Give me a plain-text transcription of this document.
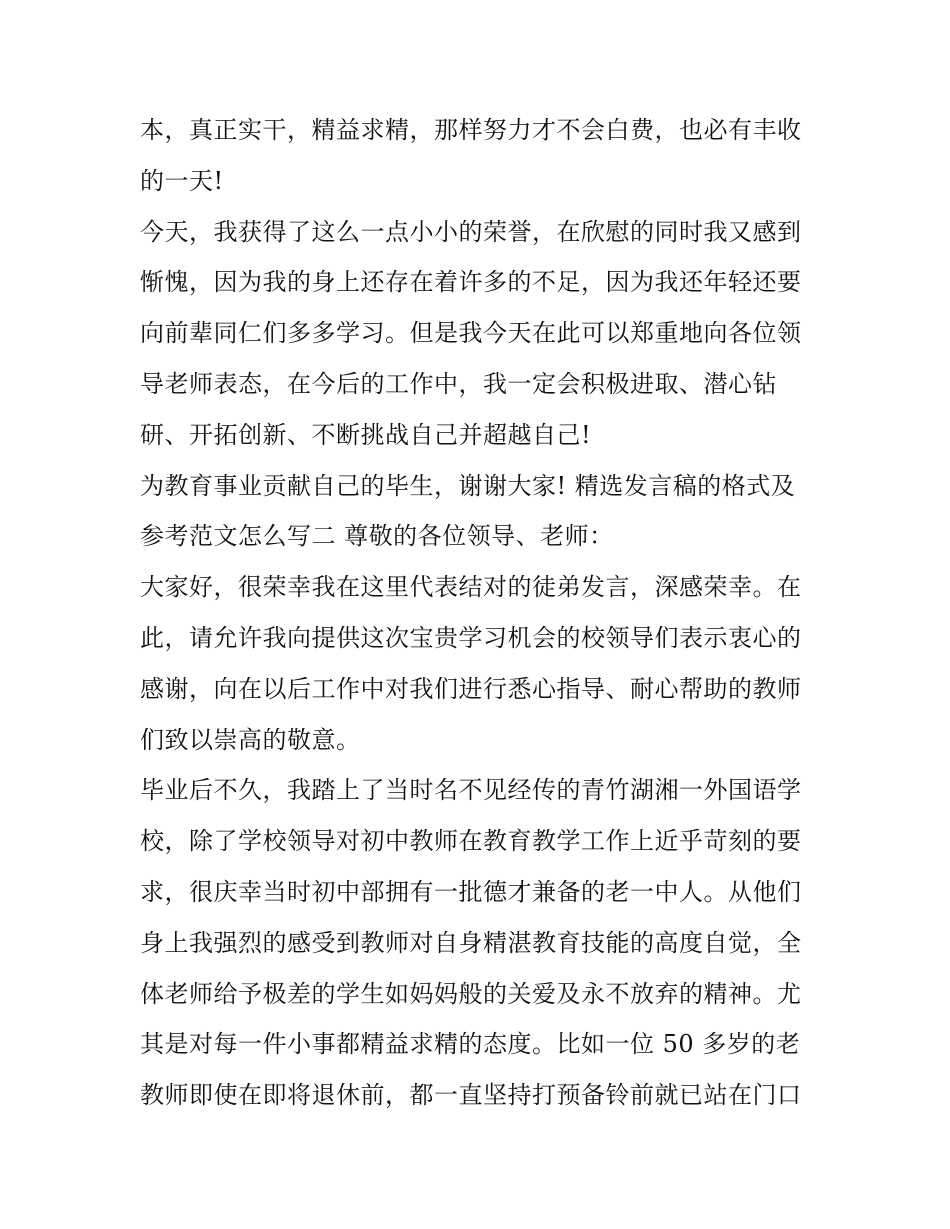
本，真正实干，精益求精，那样努力才不会白费，也必有丰收
的一天!
今天，我获得了这么一点小小的荣誉，在欣慰的同时我又感到
惭愧，因为我的身上还存在着许多的不足，因为我还年轻还要
向前辈同仁们多多学习。但是我今天在此可以郑重地向各位领
导老师表态，在今后的工作中，我一定会积极进取、潜心钻
研、开拓创新、不断挑战自己并超越自己!
为教育事业贡献自己的毕生，谢谢大家! 精选发言稿的格式及
参考范文怎么写二 尊敬的各位领导、老师：
大家好，很荣幸我在这里代表结对的徒弟发言，深感荣幸。在
此，请允许我向提供这次宝贵学习机会的校领导们表示衷心的
感谢，向在以后工作中对我们进行悉心指导、耐心帮助的教师
们致以崇高的敬意。
毕业后不久，我踏上了当时名不见经传的青竹湖湘一外国语学
校，除了学校领导对初中教师在教育教学工作上近乎苛刻的要
求，很庆幸当时初中部拥有一批德才兼备的老一中人。从他们
身上我强烈的感受到教师对自身精湛教育技能的高度自觉，全
体老师给予极差的学生如妈妈般的关爱及永不放弃的精神。尤
其是对每一件小事都精益求精的态度。比如一位 50 多岁的老
教师即使在即将退休前，都一直坚持打预备铃前就已站在门口
